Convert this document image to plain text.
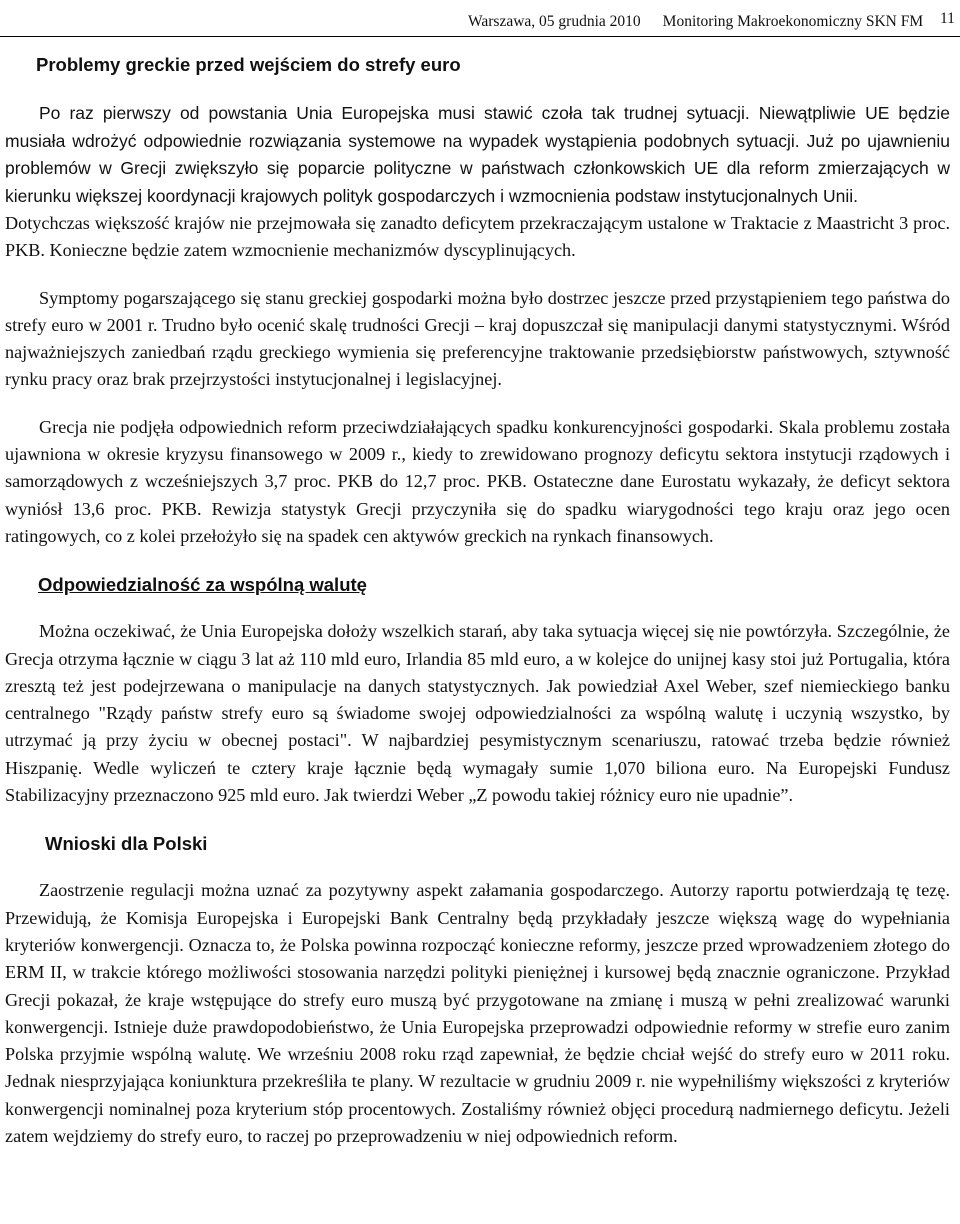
Warszawa, 05 grudnia 2010 Monitoring Makroekonomiczny SKN FM 11
Problemy greckie przed wejściem do strefy euro

Po raz pierwszy od powstania Unia Europejska musi stawić czoła tak trudnej sytuacji. Niewątpliwie UE będzie musiała wdrożyć odpowiednie rozwiązania systemowe na wypadek wystąpienia podobnych sytuacji. Już po ujawnieniu problemów w Grecji zwiększyło się poparcie polityczne w państwach członkowskich UE dla reform zmierzających w kierunku większej koordynacji krajowych polityk gospodarczych i wzmocnienia podstaw instytucjonalnych Unii.

Dotychczas większość krajów nie przejmowała się zanadto deficytem przekraczającym ustalone w Traktacie z Maastricht 3 proc. PKB. Konieczne będzie zatem wzmocnienie mechanizmów dyscyplinujących.

Symptomy pogarszającego się stanu greckiej gospodarki można było dostrzec jeszcze przed przystąpieniem tego państwa do strefy euro w 2001 r. Trudno było ocenić skalę trudności Grecji – kraj dopuszczał się manipulacji danymi statystycznymi. Wśród najważniejszych zaniedbań rządu greckiego wymienia się preferencyjne traktowanie przedsiębiorstw państwowych, sztywność rynku pracy oraz brak przejrzystości instytucjonalnej i legislacyjnej.

Grecja nie podjęła odpowiednich reform przeciwdziałających spadku konkurencyjności gospodarki. Skala problemu została ujawniona w okresie kryzysu finansowego w 2009 r., kiedy to zrewidowano prognozy deficytu sektora instytucji rządowych i samorządowych z wcześniejszych 3,7 proc. PKB do 12,7 proc. PKB. Ostateczne dane Eurostatu wykazały, że deficyt sektora wyniósł 13,6 proc. PKB. Rewizja statystyk Grecji przyczyniła się do spadku wiarygodności tego kraju oraz jego ocen ratingowych, co z kolei przełożyło się na spadek cen aktywów greckich na rynkach finansowych.

Odpowiedzialność za wspólną walutę

Można oczekiwać, że Unia Europejska dołoży wszelkich starań, aby taka sytuacja więcej się nie powtórzyła. Szczególnie, że Grecja otrzyma łącznie w ciągu 3 lat aż 110 mld euro, Irlandia 85 mld euro, a w kolejce do unijnej kasy stoi już Portugalia, która zresztą też jest podejrzewana o manipulacje na danych statystycznych. Jak powiedział Axel Weber, szef niemieckiego banku centralnego "Rządy państw strefy euro są świadome swojej odpowiedzialności za wspólną walutę i uczynią wszystko, by utrzymać ją przy życiu w obecnej postaci". W najbardziej pesymistycznym scenariuszu, ratować trzeba będzie również Hiszpanię. Wedle wyliczeń te cztery kraje łącznie będą wymagały sumie 1,070 biliona euro. Na Europejski Fundusz Stabilizacyjny przeznaczono 925 mld euro. Jak twierdzi Weber „Z powodu takiej różnicy euro nie upadnie”.

Wnioski dla Polski

Zaostrzenie regulacji można uznać za pozytywny aspekt załamania gospodarczego. Autorzy raportu potwierdzają tę tezę. Przewidują, że Komisja Europejska i Europejski Bank Centralny będą przykładały jeszcze większą wagę do wypełniania kryteriów konwergencji. Oznacza to, że Polska powinna rozpocząć konieczne reformy, jeszcze przed wprowadzeniem złotego do ERM II, w trakcie którego możliwości stosowania narzędzi polityki pieniężnej i kursowej będą znacznie ograniczone. Przykład Grecji pokazał, że kraje wstępujące do strefy euro muszą być przygotowane na zmianę i muszą w pełni zrealizować warunki konwergencji. Istnieje duże prawdopodobieństwo, że Unia Europejska przeprowadzi odpowiednie reformy w strefie euro zanim Polska przyjmie wspólną walutę. We wrześniu 2008 roku rząd zapewniał, że będzie chciał wejść do strefy euro w 2011 roku. Jednak niesprzyjająca koniunktura przekreśliła te plany. W rezultacie w grudniu 2009 r. nie wypełniliśmy większości z kryteriów konwergencji nominalnej poza kryterium stóp procentowych. Zostaliśmy również objęci procedurą nadmiernego deficytu. Jeżeli zatem wejdziemy do strefy euro, to raczej po przeprowadzeniu w niej odpowiednich reform.
